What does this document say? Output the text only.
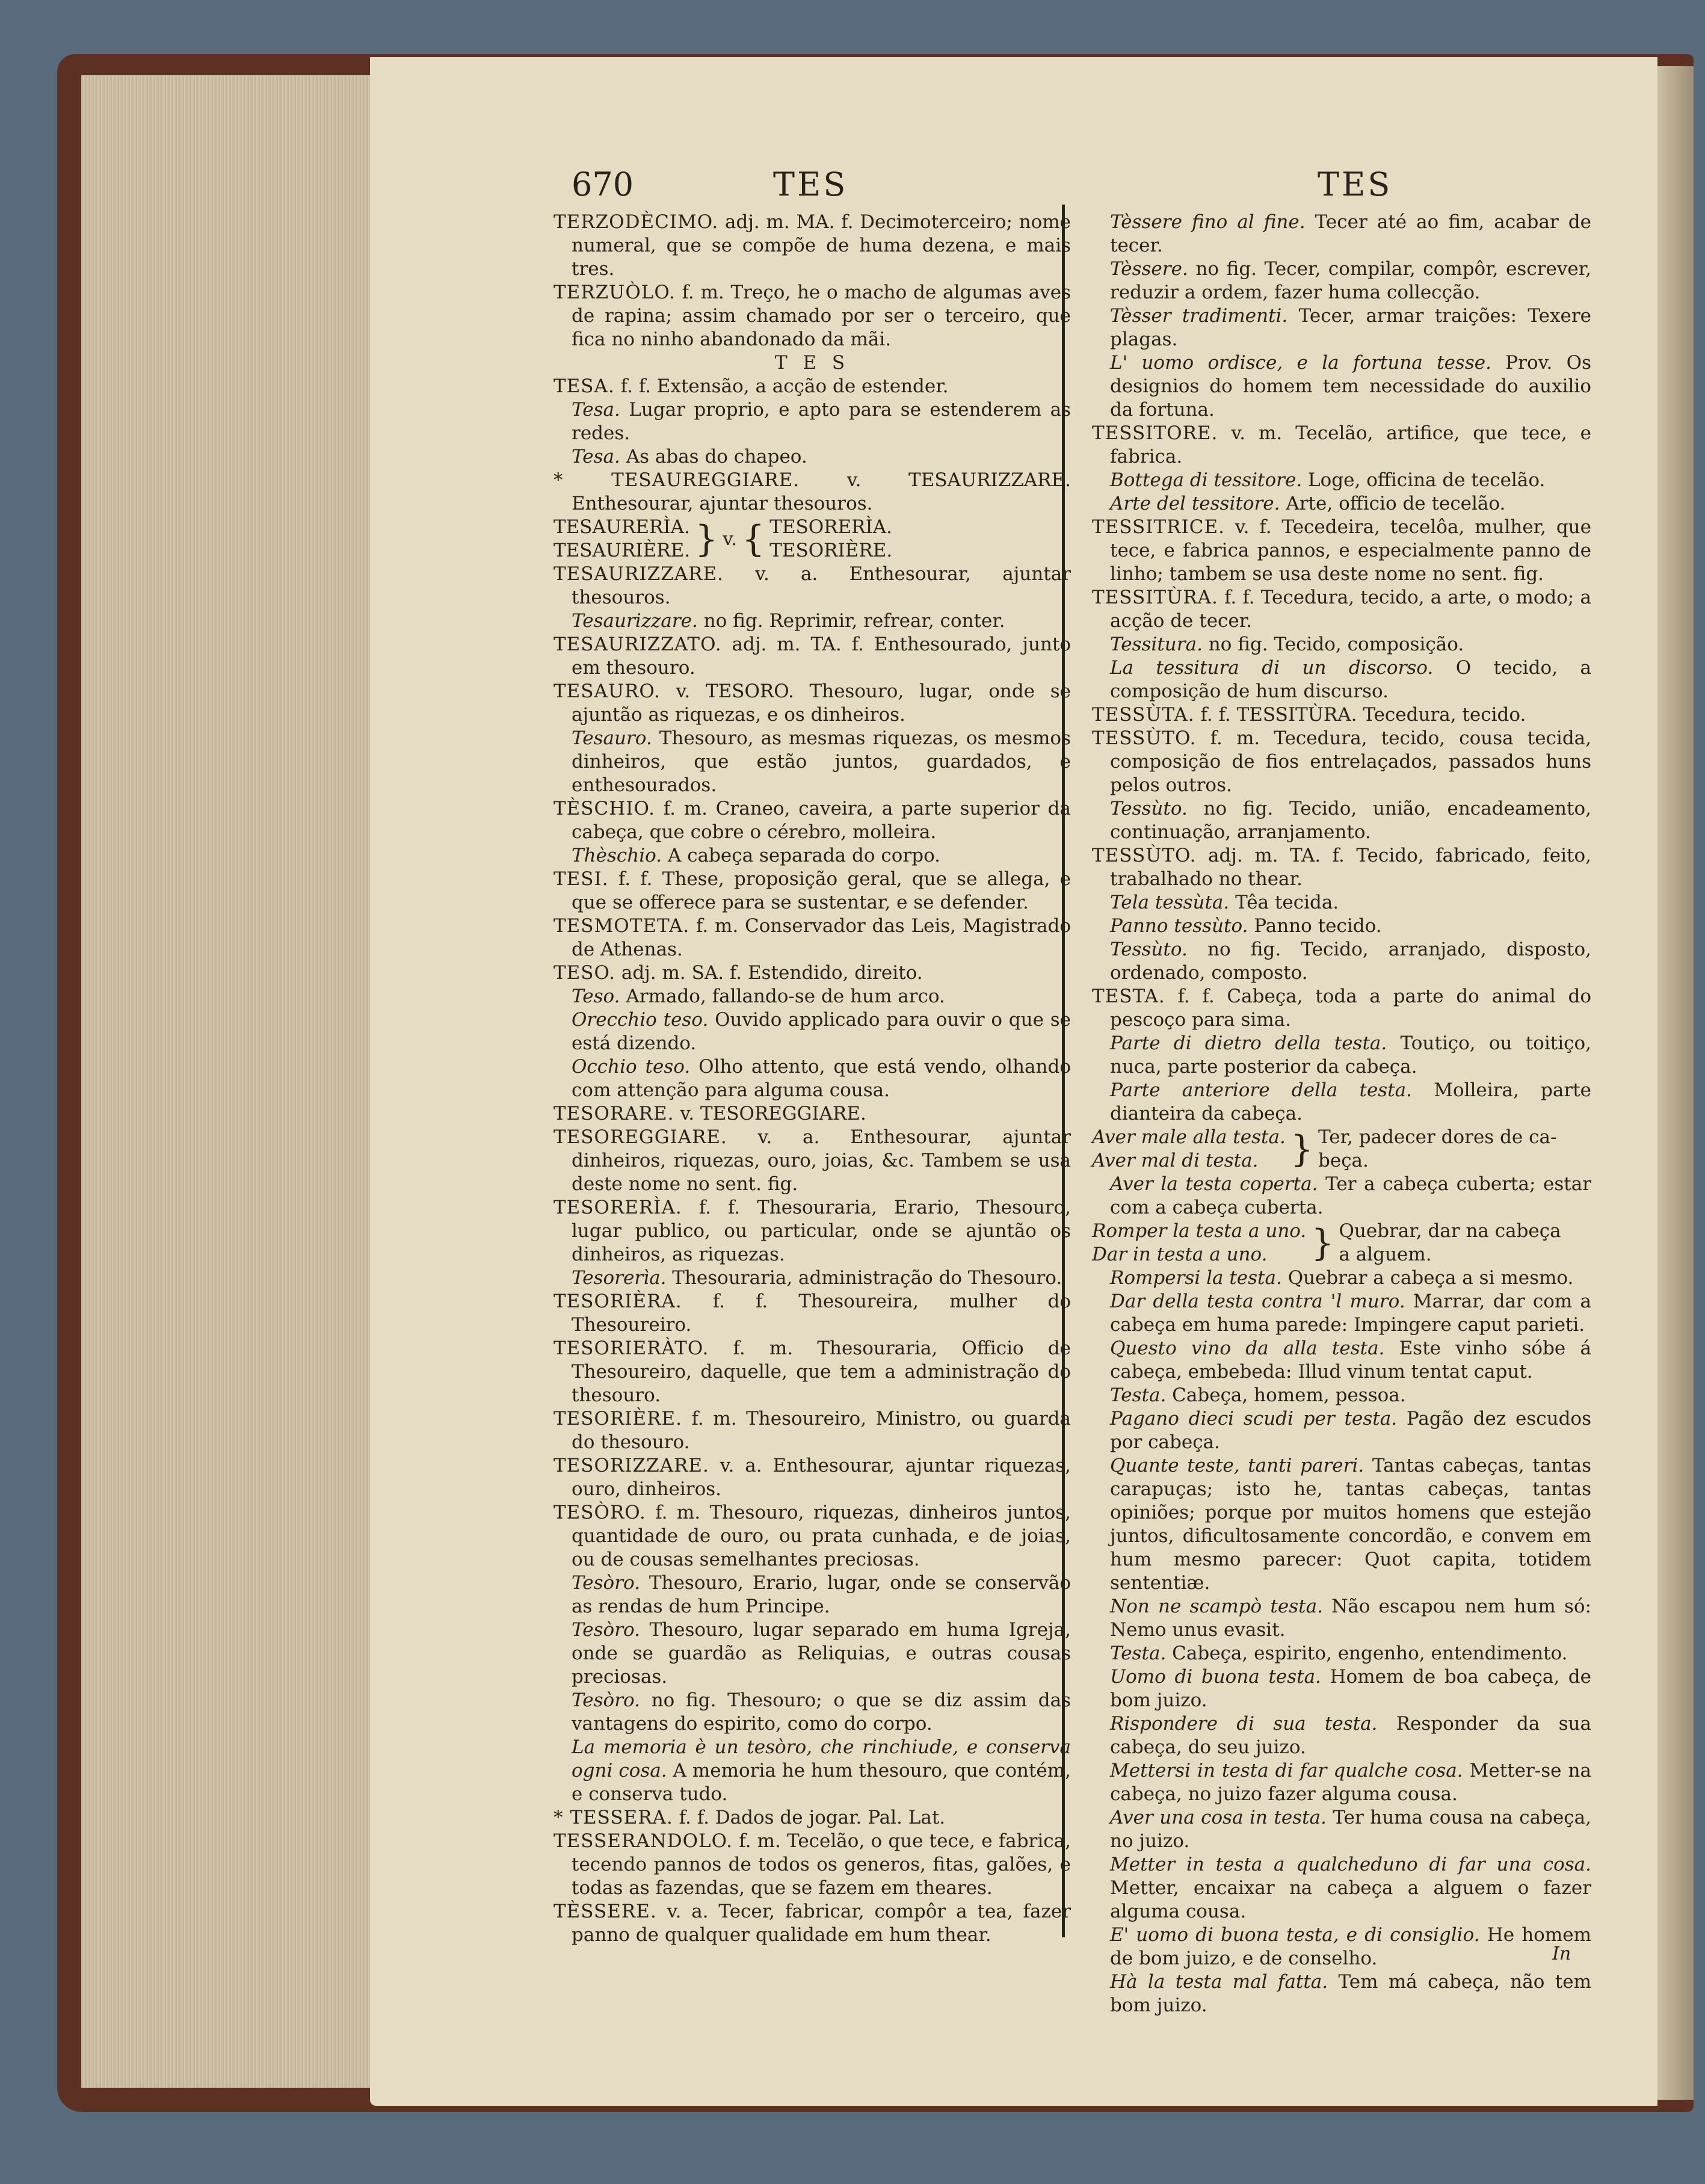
670	TES	TES

TERZODÈCIMO. adj. m. MA. f. Decimoterceiro; nome numeral, que se compõe de huma dezena, e mais tres.

TERZUÒLO. f. m. Treço, he o macho de algumas aves de rapina; assim chamado por ser o terceiro, que fica no ninho abandonado da mãi.

T E S

TESA. f. f. Extensão, a acção de estender.

Tesa. Lugar proprio, e apto para se estenderem as redes.

Tesa. As abas do chapeo.

* TESAUREGGIARE. v. TESAURIZZARE. Enthesourar, ajuntar thesouros.

TESAURERÌA.
TESAURIÈRE. } v. { TESORERÌA.
TESORIÈRE.

TESAURIZZARE. v. a. Enthesourar, ajuntar thesouros.

Tesaurizzare. no fig. Reprimir, refrear, conter.

TESAURIZZATO. adj. m. TA. f. Enthesourado, junto em thesouro.

TESAURO. v. TESORO. Thesouro, lugar, onde se ajuntão as riquezas, e os dinheiros.

Tesauro. Thesouro, as mesmas riquezas, os mesmos dinheiros, que estão juntos, guardados, e enthesourados.

TÈSCHIO. f. m. Craneo, caveira, a parte superior da cabeça, que cobre o cérebro, molleira.

Thèschio. A cabeça separada do corpo.

TESI. f. f. These, proposição geral, que se allega, e que se offerece para se sustentar, e se defender.

TESMOTETA. f. m. Conservador das Leis, Magistrado de Athenas.

TESO. adj. m. SA. f. Estendido, direito.

Teso. Armado, fallando-se de hum arco.

Orecchio teso. Ouvido applicado para ouvir o que se está dizendo.

Occhio teso. Olho attento, que está vendo, olhando com attenção para alguma cousa.

TESORARE. v. TESOREGGIARE.

TESOREGGIARE. v. a. Enthesourar, ajuntar dinheiros, riquezas, ouro, joias, &c. Tambem se usa deste nome no sent. fig.

TESORERÌA. f. f. Thesouraria, Erario, Thesouro, lugar publico, ou particular, onde se ajuntão os dinheiros, as riquezas.

Tesorerìa. Thesouraria, administração do Thesouro.

TESORIÈRA. f. f. Thesoureira, mulher do Thesoureiro.

TESORIERÀTO. f. m. Thesouraria, Officio de Thesoureiro, daquelle, que tem a administração do thesouro.

TESORIÈRE. f. m. Thesoureiro, Ministro, ou guarda do thesouro.

TESORIZZARE. v. a. Enthesourar, ajuntar riquezas, ouro, dinheiros.

TESÒRO. f. m. Thesouro, riquezas, dinheiros juntos, quantidade de ouro, ou prata cunhada, e de joias, ou de cousas semelhantes preciosas.

Tesòro. Thesouro, Erario, lugar, onde se conservão as rendas de hum Principe.

Tesòro. Thesouro, lugar separado em huma Igreja, onde se guardão as Reliquias, e outras cousas preciosas.

Tesòro. no fig. Thesouro; o que se diz assim das vantagens do espirito, como do corpo.

La memoria è un tesòro, che rinchiude, e conserva ogni cosa. A memoria he hum thesouro, que contém, e conserva tudo.

* TESSERA. f. f. Dados de jogar. Pal. Lat.

TESSERANDOLO. f. m. Tecelão, o que tece, e fabrica, tecendo pannos de todos os generos, fitas, galões, e todas as fazendas, que se fazem em theares.

TÈSSERE. v. a. Tecer, fabricar, compôr a tea, fazer panno de qualquer qualidade em hum thear.

Tèssere fino al fine. Tecer até ao fim, acabar de tecer.

Tèssere. no fig. Tecer, compilar, compôr, escrever, reduzir a ordem, fazer huma collecção.

Tèsser tradimenti. Tecer, armar traições: Texere plagas.

L' uomo ordisce, e la fortuna tesse. Prov. Os designios do homem tem necessidade do auxilio da fortuna.

TESSITORE. v. m. Tecelão, artifice, que tece, e fabrica.

Bottega di tessitore. Loge, officina de tecelão.

Arte del tessitore. Arte, officio de tecelão.

TESSITRICE. v. f. Tecedeira, tecelôa, mulher, que tece, e fabrica pannos, e especialmente panno de linho; tambem se usa deste nome no sent. fig.

TESSITÙRA. f. f. Tecedura, tecido, a arte, o modo; a acção de tecer.

Tessitura. no fig. Tecido, composição.

La tessitura di un discorso. O tecido, a composição de hum discurso.

TESSÙTA. f. f. TESSITÙRA. Tecedura, tecido.

TESSÙTO. f. m. Tecedura, tecido, cousa tecida, composição de fios entrelaçados, passados huns pelos outros.

Tessùto. no fig. Tecido, união, encadeamento, continuação, arranjamento.

TESSÙTO. adj. m. TA. f. Tecido, fabricado, feito, trabalhado no thear.

Tela tessùta. Têa tecida.

Panno tessùto. Panno tecido.

Tessùto. no fig. Tecido, arranjado, disposto, ordenado, composto.

TESTA. f. f. Cabeça, toda a parte do animal do pescoço para sima.

Parte di dietro della testa. Toutiço, ou toitiço, nuca, parte posterior da cabeça.

Parte anteriore della testa. Molleira, parte dianteira da cabeça.

Aver male alla testa.
Aver mal di testa. } Ter, padecer dores de ca-
beça.

Aver la testa coperta. Ter a cabeça cuberta; estar com a cabeça cuberta.

Romper la testa a uno.
Dar in testa a uno.	} Quebrar, dar na cabeça
a alguem.

Rompersi la testa. Quebrar a cabeça a si mesmo.

Dar della testa contra 'l muro. Marrar, dar com a cabeça em huma parede: Impingere caput parieti.

Questo vino da alla testa. Este vinho sóbe á cabeça, embebeda: Illud vinum tentat caput.

Testa. Cabeça, homem, pessoa.

Pagano dieci scudi per testa. Pagão dez escudos por cabeça.

Quante teste, tanti pareri. Tantas cabeças, tantas carapuças; isto he, tantas cabeças, tantas opiniões; porque por muitos homens que estejão juntos, dificultosamente concordão, e convem em hum mesmo parecer: Quot capita, totidem sententiæ.

Non ne scampò testa. Não escapou nem hum só: Nemo unus evasit.

Testa. Cabeça, espirito, engenho, entendimento.

Uomo di buona testa. Homem de boa cabeça, de bom juizo.

Rispondere di sua testa. Responder da sua cabeça, do seu juizo.

Mettersi in testa di far qualche cosa. Metter-se na cabeça, no juizo fazer alguma cousa.

Aver una cosa in testa. Ter huma cousa na cabeça, no juizo.

Metter in testa a qualcheduno di far una cosa. Metter, encaixar na cabeça a alguem o fazer alguma cousa.

E' uomo di buona testa, e di consiglio. He homem de bom juizo, e de conselho.

Hà la testa mal fatta. Tem má cabeça, não tem bom juizo.

In
